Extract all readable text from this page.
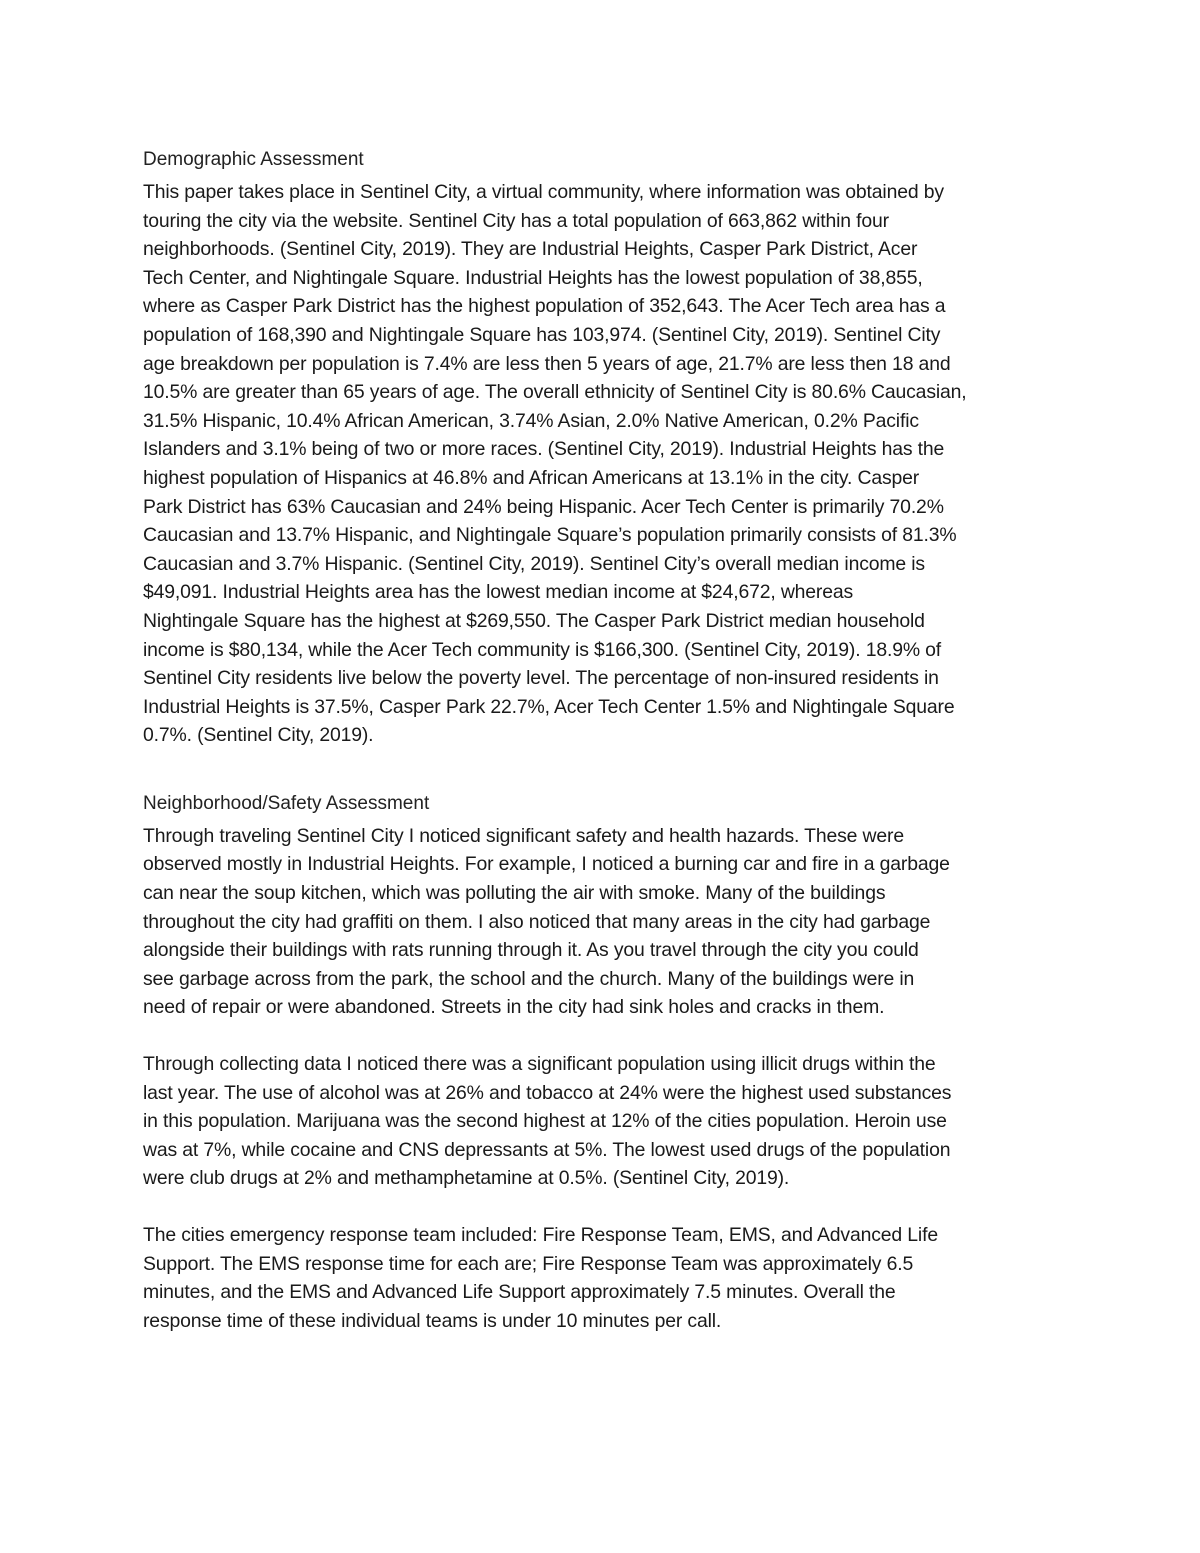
Demographic Assessment

This paper takes place in Sentinel City, a virtual community, where information was obtained by
touring the city via the website. Sentinel City has a total population of 663,862 within four
neighborhoods. (Sentinel City, 2019). They are Industrial Heights, Casper Park District, Acer
Tech Center, and Nightingale Square. Industrial Heights has the lowest population of 38,855,
where as Casper Park District has the highest population of 352,643. The Acer Tech area has a
population of 168,390 and Nightingale Square has 103,974. (Sentinel City, 2019). Sentinel City
age breakdown per population is 7.4% are less then 5 years of age, 21.7% are less then 18 and
10.5% are greater than 65 years of age. The overall ethnicity of Sentinel City is 80.6% Caucasian,
31.5% Hispanic, 10.4% African American, 3.74% Asian, 2.0% Native American, 0.2% Pacific
Islanders and 3.1% being of two or more races. (Sentinel City, 2019). Industrial Heights has the
highest population of Hispanics at 46.8% and African Americans at 13.1% in the city. Casper
Park District has 63% Caucasian and 24% being Hispanic. Acer Tech Center is primarily 70.2%
Caucasian and 13.7% Hispanic, and Nightingale Square’s population primarily consists of 81.3%
Caucasian and 3.7% Hispanic. (Sentinel City, 2019). Sentinel City’s overall median income is
$49,091. Industrial Heights area has the lowest median income at $24,672, whereas
Nightingale Square has the highest at $269,550. The Casper Park District median household
income is $80,134, while the Acer Tech community is $166,300. (Sentinel City, 2019). 18.9% of
Sentinel City residents live below the poverty level. The percentage of non-insured residents in
Industrial Heights is 37.5%, Casper Park 22.7%, Acer Tech Center 1.5% and Nightingale Square
0.7%. (Sentinel City, 2019).

Neighborhood/Safety Assessment

Through traveling Sentinel City I noticed significant safety and health hazards. These were
observed mostly in Industrial Heights. For example, I noticed a burning car and fire in a garbage
can near the soup kitchen, which was polluting the air with smoke. Many of the buildings
throughout the city had graffiti on them. I also noticed that many areas in the city had garbage
alongside their buildings with rats running through it. As you travel through the city you could
see garbage across from the park, the school and the church. Many of the buildings were in
need of repair or were abandoned. Streets in the city had sink holes and cracks in them.

Through collecting data I noticed there was a significant population using illicit drugs within the
last year. The use of alcohol was at 26% and tobacco at 24% were the highest used substances
in this population. Marijuana was the second highest at 12% of the cities population. Heroin use
was at 7%, while cocaine and CNS depressants at 5%. The lowest used drugs of the population
were club drugs at 2% and methamphetamine at 0.5%. (Sentinel City, 2019).

The cities emergency response team included: Fire Response Team, EMS, and Advanced Life
Support. The EMS response time for each are; Fire Response Team was approximately 6.5
minutes, and the EMS and Advanced Life Support approximately 7.5 minutes. Overall the
response time of these individual teams is under 10 minutes per call.
